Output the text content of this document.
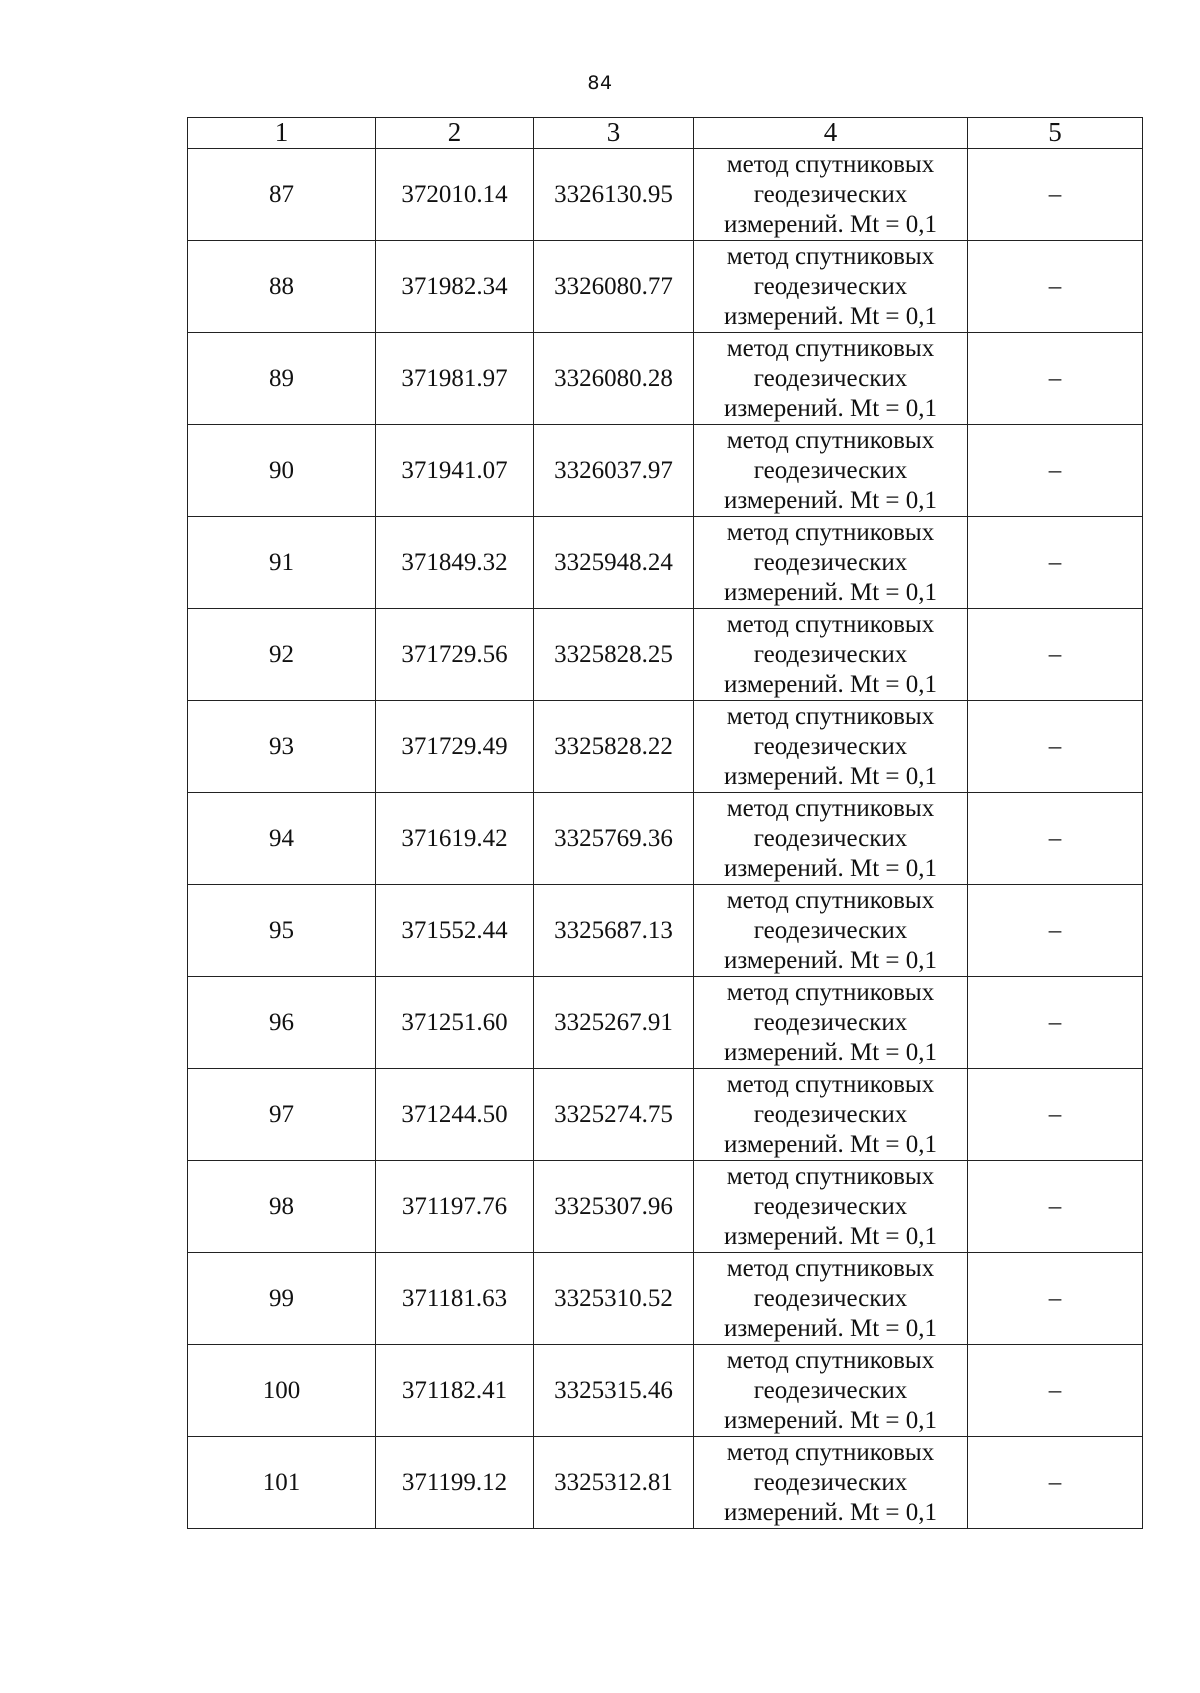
84
1	2	3	4	5
87	372010.14	3326130.95	метод спутниковых
геодезических
измерений. Mt = 0,1	–
88	371982.34	3326080.77	метод спутниковых
геодезических
измерений. Mt = 0,1	–
89	371981.97	3326080.28	метод спутниковых
геодезических
измерений. Mt = 0,1	–
90	371941.07	3326037.97	метод спутниковых
геодезических
измерений. Mt = 0,1	–
91	371849.32	3325948.24	метод спутниковых
геодезических
измерений. Mt = 0,1	–
92	371729.56	3325828.25	метод спутниковых
геодезических
измерений. Mt = 0,1	–
93	371729.49	3325828.22	метод спутниковых
геодезических
измерений. Mt = 0,1	–
94	371619.42	3325769.36	метод спутниковых
геодезических
измерений. Mt = 0,1	–
95	371552.44	3325687.13	метод спутниковых
геодезических
измерений. Mt = 0,1	–
96	371251.60	3325267.91	метод спутниковых
геодезических
измерений. Mt = 0,1	–
97	371244.50	3325274.75	метод спутниковых
геодезических
измерений. Mt = 0,1	–
98	371197.76	3325307.96	метод спутниковых
геодезических
измерений. Mt = 0,1	–
99	371181.63	3325310.52	метод спутниковых
геодезических
измерений. Mt = 0,1	–
100	371182.41	3325315.46	метод спутниковых
геодезических
измерений. Mt = 0,1	–
101	371199.12	3325312.81	метод спутниковых
геодезических
измерений. Mt = 0,1	–
